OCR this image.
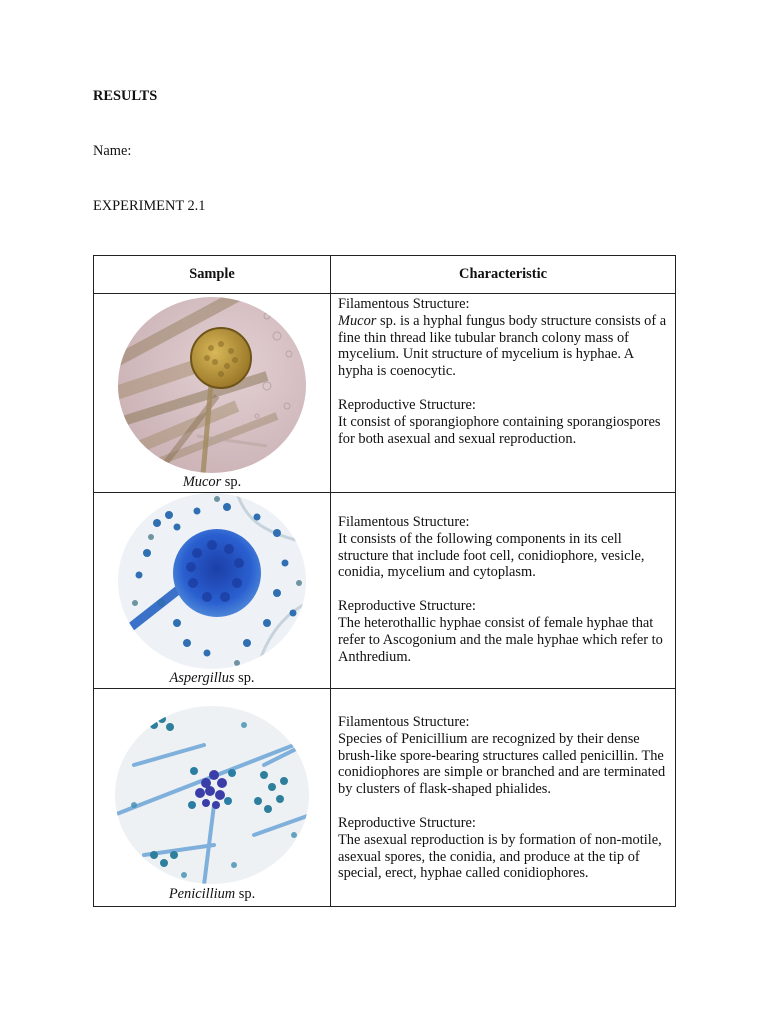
RESULTS
Name:
EXPERIMENT 2.1
Sample	Characteristic

Mucor sp.	Filamentous Structure:

Mucor sp. is a hyphal fungus body structure consists of a fine thin thread like tubular branch colony mass of mycelium. Unit structure of mycelium is hyphae. A hypha is coenocytic.

Reproductive Structure:

It consist of sporangiophore containing sporangiospores for both asexual and sexual reproduction.

Aspergillus sp.	Filamentous Structure:

It consists of the following components in its cell structure that include foot cell, conidiophore, vesicle, conidia, mycelium and cytoplasm.

Reproductive Structure:

The heterothallic hyphae consist of female hyphae that refer to Ascogonium and the male hyphae which refer to Anthredium.

Penicillium sp.	Filamentous Structure:

Species of Penicillium are recognized by their dense brush-like spore-bearing structures called penicillin. The conidiophores are simple or branched and are terminated by clusters of flask-shaped phialides.

Reproductive Structure:

The asexual reproduction is by formation of non-motile, asexual spores, the conidia, and produce at the tip of special, erect, hyphae called conidiophores.
